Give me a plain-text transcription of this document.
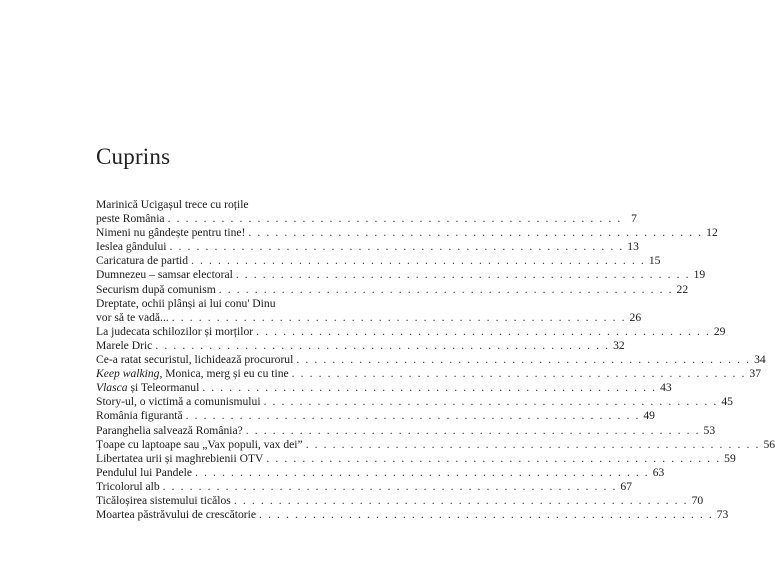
Cuprins
Marinică Ucigașul trece cu roțile
peste România . . . . . . . . . . . . . . . . . . . . . . . . . . . . . . . . . . . . . . . . . . . . . . . . . . . 7
Nimeni nu gândește pentru tine! . . . . . . . . . . . . . . . . . . . . . . . . . . . . . . . . . . . . . . . . . . . . . . . . . . . 12
Ieslea gândului . . . . . . . . . . . . . . . . . . . . . . . . . . . . . . . . . . . . . . . . . . . . . . . . . . . 13
Caricatura de partid . . . . . . . . . . . . . . . . . . . . . . . . . . . . . . . . . . . . . . . . . . . . . . . . . . . 15
Dumnezeu – samsar electoral . . . . . . . . . . . . . . . . . . . . . . . . . . . . . . . . . . . . . . . . . . . . . . . . . . . 19
Securism după comunism . . . . . . . . . . . . . . . . . . . . . . . . . . . . . . . . . . . . . . . . . . . . . . . . . . . 22
Dreptate, ochii plânși ai lui conu' Dinu
vor să te vadă... . . . . . . . . . . . . . . . . . . . . . . . . . . . . . . . . . . . . . . . . . . . . . . . . . . . 26
La judecata schilozilor și morților . . . . . . . . . . . . . . . . . . . . . . . . . . . . . . . . . . . . . . . . . . . . . . . . . . . 29
Marele Dric . . . . . . . . . . . . . . . . . . . . . . . . . . . . . . . . . . . . . . . . . . . . . . . . . . . 32
Ce-a ratat securistul, lichidează procurorul . . . . . . . . . . . . . . . . . . . . . . . . . . . . . . . . . . . . . . . . . . . . . . . . . . . 34
Keep walking, Monica, merg și eu cu tine . . . . . . . . . . . . . . . . . . . . . . . . . . . . . . . . . . . . . . . . . . . . . . . . . . . 37
Vlasca și Teleormanul . . . . . . . . . . . . . . . . . . . . . . . . . . . . . . . . . . . . . . . . . . . . . . . . . . . 43
Story-ul, o victimă a comunismului . . . . . . . . . . . . . . . . . . . . . . . . . . . . . . . . . . . . . . . . . . . . . . . . . . . 45
România figurantă . . . . . . . . . . . . . . . . . . . . . . . . . . . . . . . . . . . . . . . . . . . . . . . . . . . 49
Paranghelia salvează România? . . . . . . . . . . . . . . . . . . . . . . . . . . . . . . . . . . . . . . . . . . . . . . . . . . . 53
Țoape cu laptoape sau „Vax populi, vax dei” . . . . . . . . . . . . . . . . . . . . . . . . . . . . . . . . . . . . . . . . . . . . . . . . . . . 56
Libertatea urii și maghrebienii OTV . . . . . . . . . . . . . . . . . . . . . . . . . . . . . . . . . . . . . . . . . . . . . . . . . . . 59
Pendulul lui Pandele . . . . . . . . . . . . . . . . . . . . . . . . . . . . . . . . . . . . . . . . . . . . . . . . . . . 63
Tricolorul alb . . . . . . . . . . . . . . . . . . . . . . . . . . . . . . . . . . . . . . . . . . . . . . . . . . . 67
Ticăloșirea sistemului ticălos . . . . . . . . . . . . . . . . . . . . . . . . . . . . . . . . . . . . . . . . . . . . . . . . . . . 70
Moartea păstrăvului de crescătorie . . . . . . . . . . . . . . . . . . . . . . . . . . . . . . . . . . . . . . . . . . . . . . . . . . . 73
